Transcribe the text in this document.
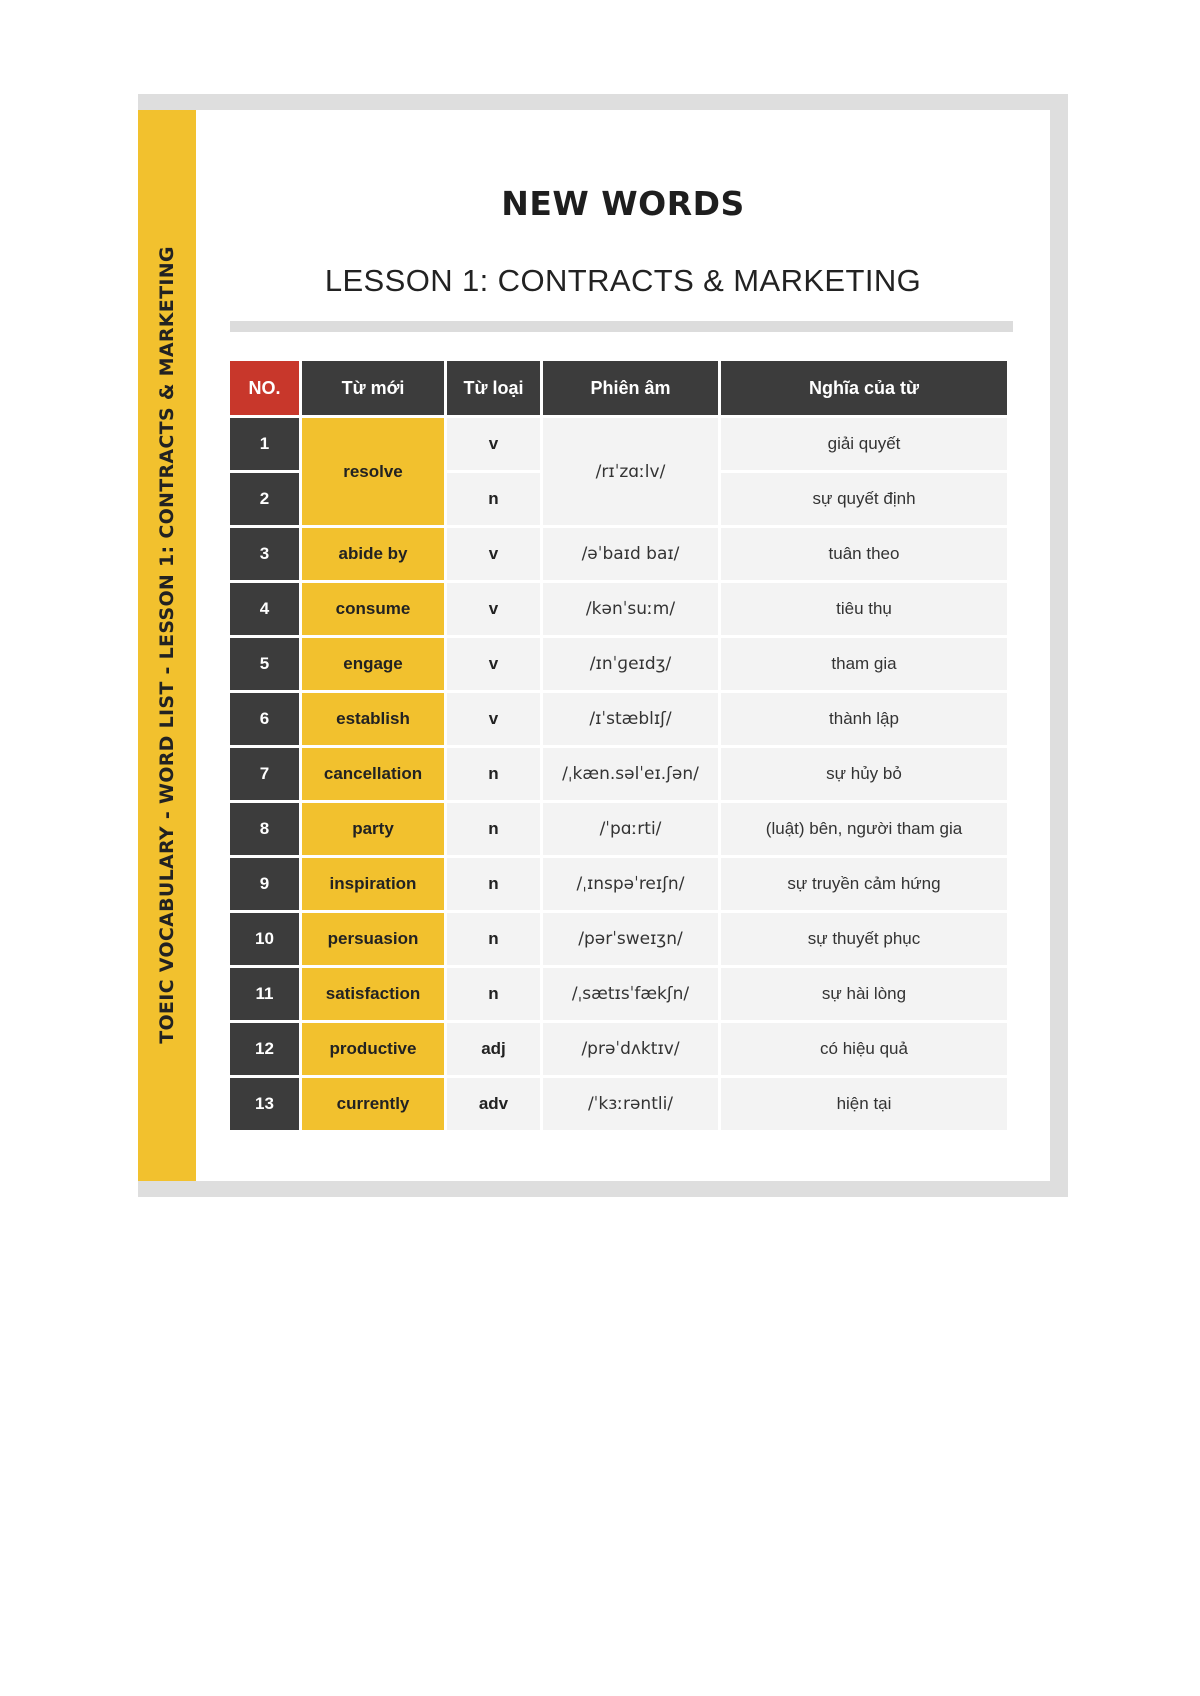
TOEIC VOCABULARY - WORD LIST - LESSON 1: CONTRACTS & MARKETING
NEW WORDS
LESSON 1: CONTRACTS & MARKETING
NO.	Từ mới	Từ loại	Phiên âm	Nghĩa của từ
1	resolve	v	/rɪˈzɑːlv/	giải quyết
2		n		sự quyết định
3	abide by	v	/əˈbaɪd baɪ/	tuân theo
4	consume	v	/kənˈsuːm/	tiêu thụ
5	engage	v	/ɪnˈɡeɪdʒ/	tham gia
6	establish	v	/ɪˈstæblɪʃ/	thành lập
7	cancellation	n	/ˌkæn.səlˈeɪ.ʃən/	sự hủy bỏ
8	party	n	/ˈpɑːrti/	(luật) bên, người tham gia
9	inspiration	n	/ˌɪnspəˈreɪʃn/	sự truyền cảm hứng
10	persuasion	n	/pərˈsweɪʒn/	sự thuyết phục
11	satisfaction	n	/ˌsætɪsˈfækʃn/	sự hài lòng
12	productive	adj	/prəˈdʌktɪv/	có hiệu quả
13	currently	adv	/ˈkɜːrəntli/	hiện tại
